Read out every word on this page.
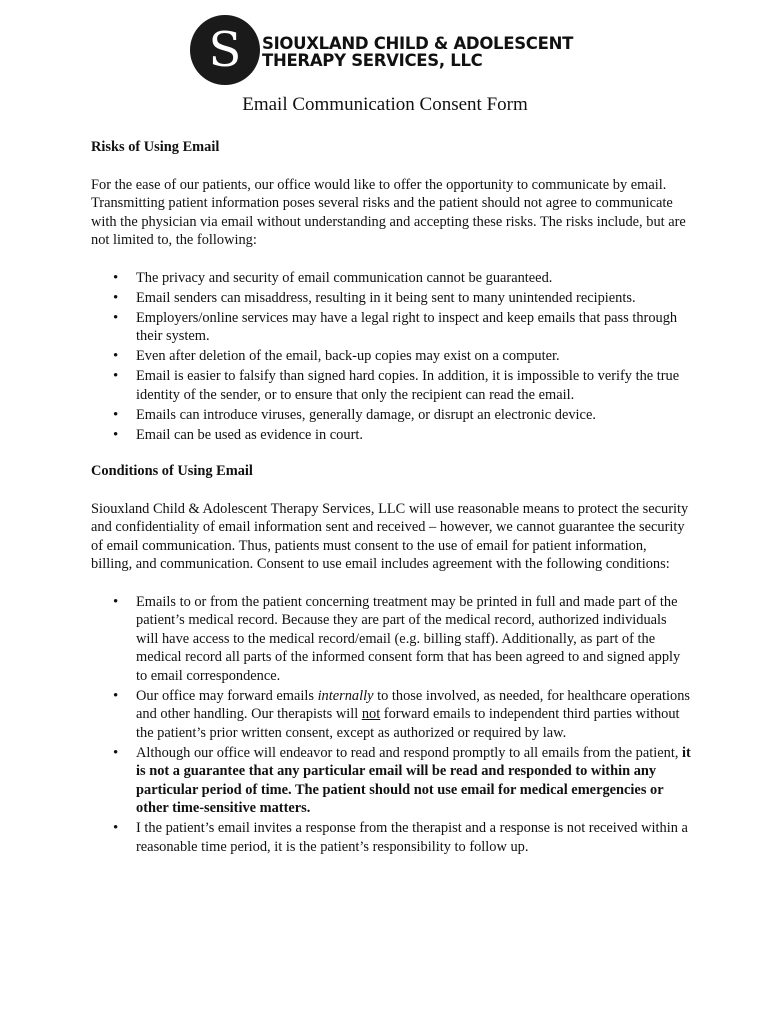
S	SIOUXLAND CHILD & ADOLESCENT
THERAPY SERVICES, LLC
Email Communication Consent Form
Risks of Using Email

For the ease of our patients, our office would like to offer the opportunity to communicate by email. Transmitting patient information poses several risks and the patient should not agree to communicate with the physician via email without understanding and accepting these risks. The risks include, but are not limited to, the following:

• The privacy and security of email communication cannot be guaranteed.
• Email senders can misaddress, resulting in it being sent to many unintended recipients.
• Employers/online services may have a legal right to inspect and keep emails that pass through their system.
• Even after deletion of the email, back-up copies may exist on a computer.
• Email is easier to falsify than signed hard copies. In addition, it is impossible to verify the true identity of the sender, or to ensure that only the recipient can read the email.
• Emails can introduce viruses, generally damage, or disrupt an electronic device.
• Email can be used as evidence in court.
Conditions of Using Email

Siouxland Child & Adolescent Therapy Services, LLC will use reasonable means to protect the security and confidentiality of email information sent and received – however, we cannot guarantee the security of email communication. Thus, patients must consent to the use of email for patient information, billing, and communication. Consent to use email includes agreement with the following conditions:

• Emails to or from the patient concerning treatment may be printed in full and made part of the patient’s medical record. Because they are part of the medical record, authorized individuals will have access to the medical record/email (e.g. billing staff). Additionally, as part of the medical record all parts of the informed consent form that has been agreed to and signed apply to email correspondence.
• Our office may forward emails internally to those involved, as needed, for healthcare operations and other handling. Our therapists will not forward emails to independent third parties without the patient’s prior written consent, except as authorized or required by law.
• Although our office will endeavor to read and respond promptly to all emails from the patient, it is not a guarantee that any particular email will be read and responded to within any particular period of time. The patient should not use email for medical emergencies or other time-sensitive matters.
• I the patient’s email invites a response from the therapist and a response is not received within a reasonable time period, it is the patient’s responsibility to follow up.
